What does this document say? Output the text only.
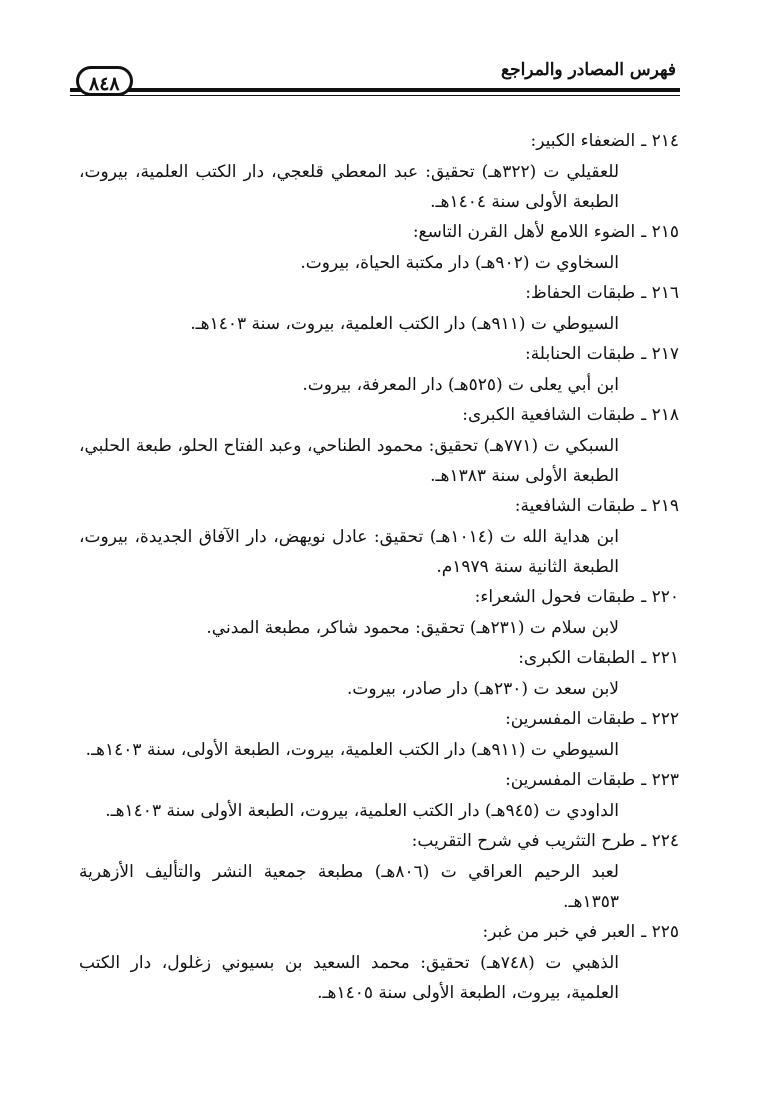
فهرس المصادر والمراجع
٨٤٨
٢١٤ ـالضعفاء الكبير:
للعقيلي ت (٣٢٢هـ) تحقيق: عبد المعطي قلعجي، دار الكتب العلمية، بيروت، الطبعة الأولى سنة ١٤٠٤هـ.
٢١٥ ـالضوء اللامع لأهل القرن التاسع:
السخاوي ت (٩٠٢هـ) دار مكتبة الحياة، بيروت.
٢١٦ ـطبقات الحفاظ:
السيوطي ت (٩١١هـ) دار الكتب العلمية، بيروت، سنة ١٤٠٣هـ.
٢١٧ ـطبقات الحنابلة:
ابن أبي يعلى ت (٥٢٥هـ) دار المعرفة، بيروت.
٢١٨ ـطبقات الشافعية الكبرى:
السبكي ت (٧٧١هـ) تحقيق: محمود الطناحي، وعبد الفتاح الحلو، طبعة الحلبي، الطبعة الأولى سنة ١٣٨٣هـ.
٢١٩ ـطبقات الشافعية:
ابن هداية الله ت (١٠١٤هـ) تحقيق: عادل نويهض، دار الآفاق الجديدة، بيروت، الطبعة الثانية سنة ١٩٧٩م.
٢٢٠ ـطبقات فحول الشعراء:
لابن سلام ت (٢٣١هـ) تحقيق: محمود شاكر، مطبعة المدني.
٢٢١ ـالطبقات الكبرى:
لابن سعد ت (٢٣٠هـ) دار صادر، بيروت.
٢٢٢ ـطبقات المفسرين:
السيوطي ت (٩١١هـ) دار الكتب العلمية، بيروت، الطبعة الأولى، سنة ١٤٠٣هـ.
٢٢٣ ـطبقات المفسرين:
الداودي ت (٩٤٥هـ) دار الكتب العلمية، بيروت، الطبعة الأولى سنة ١٤٠٣هـ.
٢٢٤ ـطرح التثريب في شرح التقريب:
لعبد الرحيم العراقي ت (٨٠٦هـ) مطبعة جمعية النشر والتأليف الأزهرية ١٣٥٣هـ.
٢٢٥ ـالعبر في خبر من غبر:
الذهبي ت (٧٤٨هـ) تحقيق: محمد السعيد بن بسيوني زغلول، دار الكتب العلمية، بيروت، الطبعة الأولى سنة ١٤٠٥هـ.
